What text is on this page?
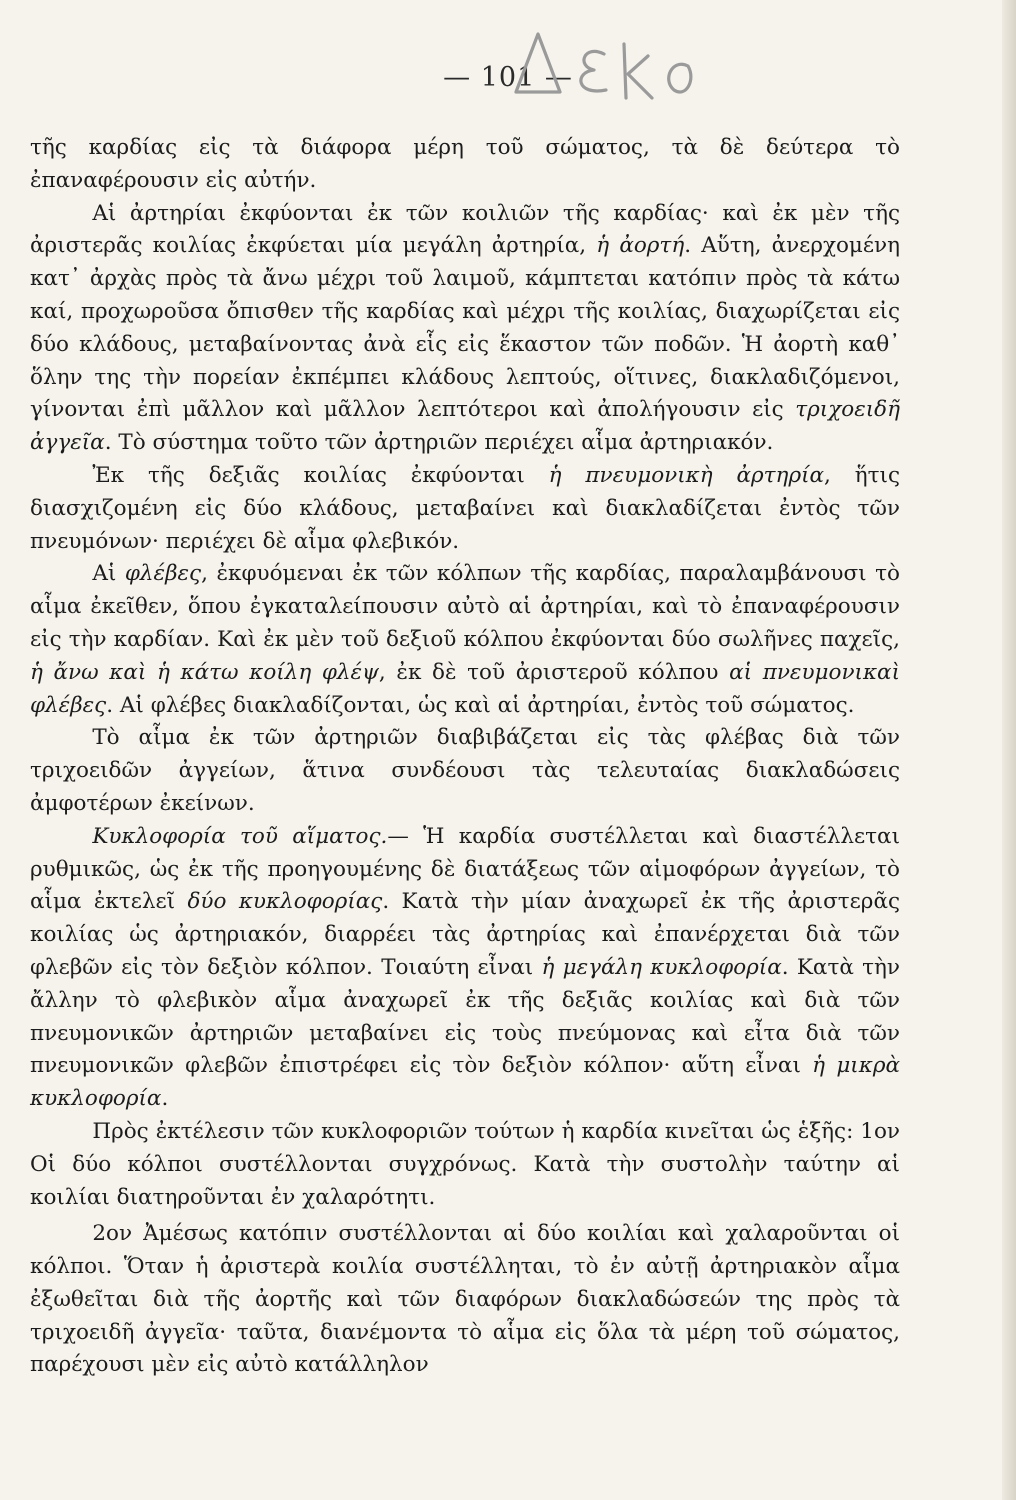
— 101 —

τῆς καρδίας εἰς τὰ διάφορα μέρη τοῦ σώματος, τὰ δὲ δεύτερα τὸ ἐπαναφέρουσιν εἰς αὐτήν.

Αἱ ἀρτηρίαι ἐκφύονται ἐκ τῶν κοιλιῶν τῆς καρδίας· καὶ ἐκ μὲν τῆς ἀριστερᾶς κοιλίας ἐκφύεται μία μεγάλη ἀρτηρία, ἡ ἀορτή. Αὕτη, ἀνερχομένη κατ᾽ ἀρχὰς πρὸς τὰ ἄνω μέχρι τοῦ λαιμοῦ, κάμπτεται κατόπιν πρὸς τὰ κάτω καί, προχωροῦσα ὄπισθεν τῆς καρδίας καὶ μέχρι τῆς κοιλίας, διαχωρίζεται εἰς δύο κλάδους, μεταβαίνοντας ἀνὰ εἷς εἰς ἕκαστον τῶν ποδῶν. Ἡ ἀορτὴ καθ᾽ ὅλην της τὴν πορείαν ἐκπέμπει κλάδους λεπτούς, οἵτινες, διακλαδιζόμενοι, γίνονται ἐπὶ μᾶλλον καὶ μᾶλλον λεπτότεροι καὶ ἀπολήγουσιν εἰς τριχοειδῆ ἀγγεῖα. Τὸ σύστημα τοῦτο τῶν ἀρτηριῶν περιέχει αἷμα ἀρτηριακόν.

Ἐκ τῆς δεξιᾶς κοιλίας ἐκφύονται ἡ πνευμονικὴ ἀρτηρία, ἥτις διασχιζομένη εἰς δύο κλάδους, μεταβαίνει καὶ διακλαδίζεται ἐντὸς τῶν πνευμόνων· περιέχει δὲ αἷμα φλεβικόν.

Αἱ φλέβες, ἐκφυόμεναι ἐκ τῶν κόλπων τῆς καρδίας, παραλαμβάνουσι τὸ αἷμα ἐκεῖθεν, ὅπου ἐγκαταλείπουσιν αὐτὸ αἱ ἀρτηρίαι, καὶ τὸ ἐπαναφέρουσιν εἰς τὴν καρδίαν. Καὶ ἐκ μὲν τοῦ δεξιοῦ κόλπου ἐκφύονται δύο σωλῆνες παχεῖς, ἡ ἄνω καὶ ἡ κάτω κοίλη φλέψ, ἐκ δὲ τοῦ ἀριστεροῦ κόλπου αἱ πνευμονικαὶ φλέβες. Αἱ φλέβες διακλαδίζονται, ὡς καὶ αἱ ἀρτηρίαι, ἐντὸς τοῦ σώματος.

Τὸ αἷμα ἐκ τῶν ἀρτηριῶν διαβιβάζεται εἰς τὰς φλέβας διὰ τῶν τριχοειδῶν ἀγγείων, ἅτινα συνδέουσι τὰς τελευταίας διακλαδώσεις ἀμφοτέρων ἐκείνων.

Κυκλοφορία τοῦ αἵματος.— Ἡ καρδία συστέλλεται καὶ διαστέλλεται ρυθμικῶς, ὡς ἐκ τῆς προηγουμένης δὲ διατάξεως τῶν αἱμοφόρων ἀγγείων, τὸ αἷμα ἐκτελεῖ δύο κυκλοφορίας. Κατὰ τὴν μίαν ἀναχωρεῖ ἐκ τῆς ἀριστερᾶς κοιλίας ὡς ἀρτηριακόν, διαρρέει τὰς ἀρτηρίας καὶ ἐπανέρχεται διὰ τῶν φλεβῶν εἰς τὸν δεξιὸν κόλπον. Τοιαύτη εἶναι ἡ μεγάλη κυκλοφορία. Κατὰ τὴν ἄλλην τὸ φλεβικὸν αἷμα ἀναχωρεῖ ἐκ τῆς δεξιᾶς κοιλίας καὶ διὰ τῶν πνευμονικῶν ἀρτηριῶν μεταβαίνει εἰς τοὺς πνεύμονας καὶ εἶτα διὰ τῶν πνευμονικῶν φλεβῶν ἐπιστρέφει εἰς τὸν δεξιὸν κόλπον· αὕτη εἶναι ἡ μικρὰ κυκλοφορία.

Πρὸς ἐκτέλεσιν τῶν κυκλοφοριῶν τούτων ἡ καρδία κινεῖται ὡς ἑξῆς: 1ον Οἱ δύο κόλποι συστέλλονται συγχρόνως. Κατὰ τὴν συστολὴν ταύτην αἱ κοιλίαι διατηροῦνται ἐν χαλαρότητι.

2ον Ἀμέσως κατόπιν συστέλλονται αἱ δύο κοιλίαι καὶ χαλαροῦνται οἱ κόλποι. Ὅταν ἡ ἀριστερὰ κοιλία συστέλληται, τὸ ἐν αὐτῇ ἀρτηριακὸν αἷμα ἐξωθεῖται διὰ τῆς ἀορτῆς καὶ τῶν διαφόρων διακλαδώσεών της πρὸς τὰ τριχοειδῆ ἀγγεῖα· ταῦτα, διανέμοντα τὸ αἷμα εἰς ὅλα τὰ μέρη τοῦ σώματος, παρέχουσι μὲν εἰς αὐτὸ κατάλληλον
